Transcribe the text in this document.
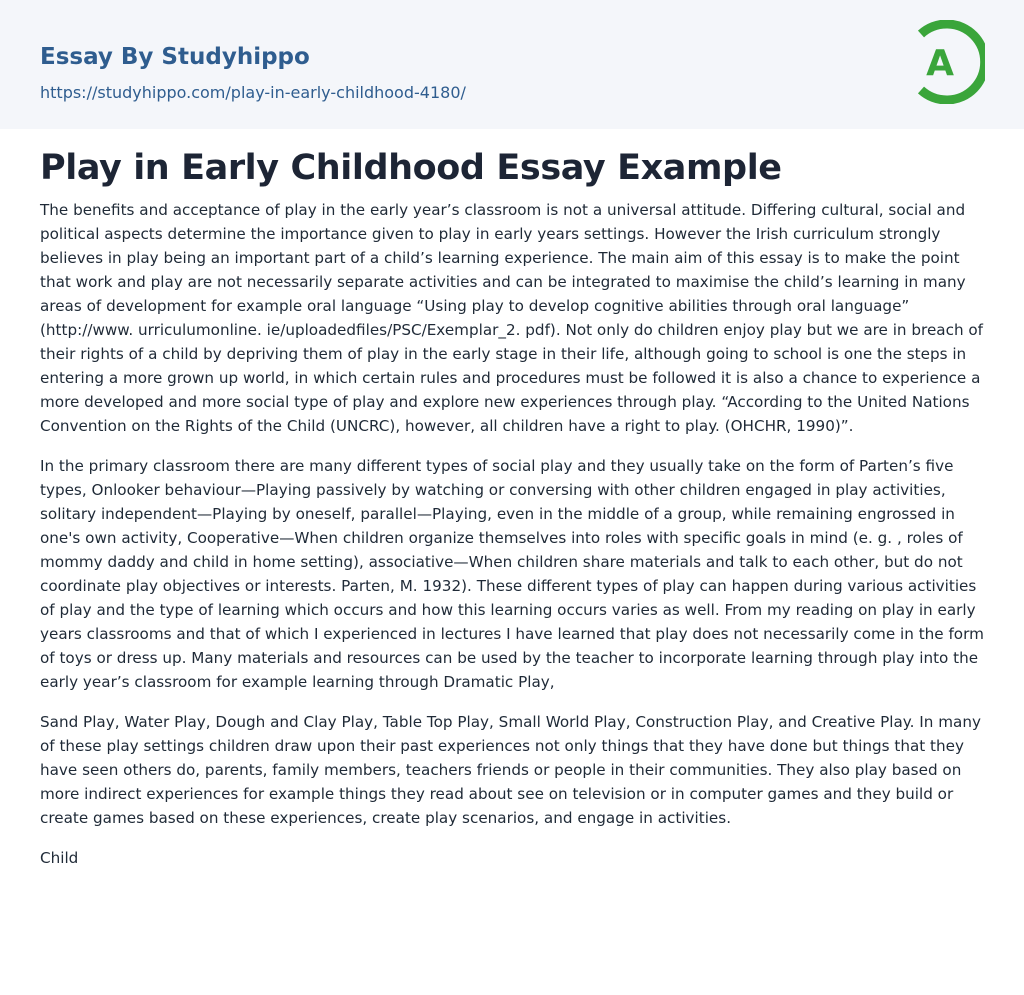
Essay By Studyhippo
https://studyhippo.com/play-in-early-childhood-4180/
A
Play in Early Childhood Essay Example

The benefits and acceptance of play in the early year’s classroom is not a universal attitude. Differing cultural, social and political aspects determine the importance given to play in early years settings. However the Irish curriculum strongly believes in play being an important part of a child’s learning experience. The main aim of this essay is to make the point that work and play are not necessarily separate activities and can be integrated to maximise the child’s learning in many areas of development for example oral language “Using play to develop cognitive abilities through oral language” (http://www. urriculumonline. ie/uploadedfiles/PSC/Exemplar_2. pdf). Not only do children enjoy play but we are in breach of their rights of a child by depriving them of play in the early stage in their life, although going to school is one the steps in entering a more grown up world, in which certain rules and procedures must be followed it is also a chance to experience a more developed and more social type of play and explore new experiences through play. “According to the United Nations Convention on the Rights of the Child (UNCRC), however, all children have a right to play. (OHCHR, 1990)”.

In the primary classroom there are many different types of social play and they usually take on the form of Parten’s five types, Onlooker behaviour—Playing passively by watching or conversing with other children engaged in play activities, solitary independent—Playing by oneself, parallel—Playing, even in the middle of a group, while remaining engrossed in one's own activity, Cooperative—When children organize themselves into roles with specific goals in mind (e. g. , roles of mommy daddy and child in home setting), associative—When children share materials and talk to each other, but do not coordinate play objectives or interests. Parten, M. 1932). These different types of play can happen during various activities of play and the type of learning which occurs and how this learning occurs varies as well. From my reading on play in early years classrooms and that of which I experienced in lectures I have learned that play does not necessarily come in the form of toys or dress up. Many materials and resources can be used by the teacher to incorporate learning through play into the early year’s classroom for example learning through Dramatic Play,

Sand Play, Water Play, Dough and Clay Play, Table Top Play, Small World Play, Construction Play, and Creative Play. In many of these play settings children draw upon their past experiences not only things that they have done but things that they have seen others do, parents, family members, teachers friends or people in their communities. They also play based on more indirect experiences for example things they read about see on television or in computer games and they build or create games based on these experiences, create play scenarios, and engage in activities.

Child
